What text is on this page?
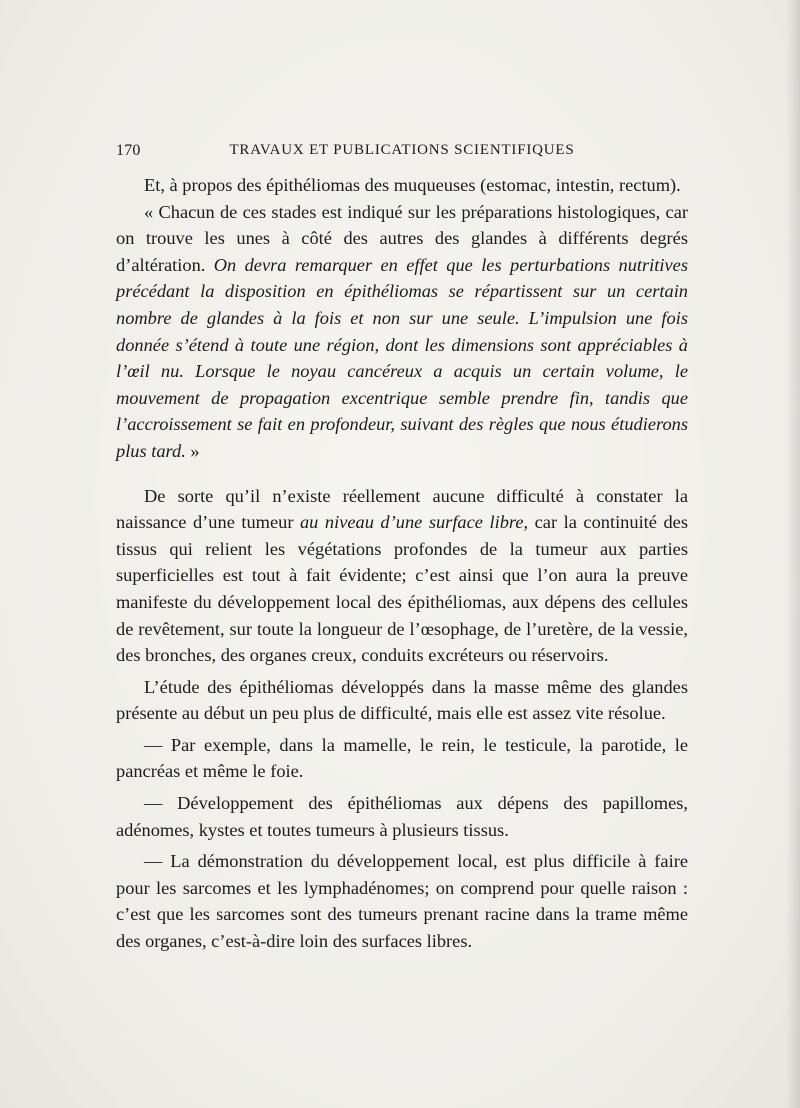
170	TRAVAUX ET PUBLICATIONS SCIENTIFIQUES

Et, à propos des épithéliomas des muqueuses (estomac, intestin, rectum).

« Chacun de ces stades est indiqué sur les préparations histologiques, car on trouve les unes à côté des autres des glandes à différents degrés d’altération. On devra remarquer en effet que les perturbations nutritives précédant la disposition en épithéliomas se répartissent sur un certain nombre de glandes à la fois et non sur une seule. L’impulsion une fois donnée s’étend à toute une région, dont les dimensions sont appréciables à l’œil nu. Lorsque le noyau cancéreux a acquis un certain volume, le mouvement de propagation excentrique semble prendre fin, tandis que l’accroissement se fait en profondeur, suivant des règles que nous étudierons plus tard. »

De sorte qu’il n’existe réellement aucune difficulté à constater la naissance d’une tumeur au niveau d’une surface libre, car la continuité des tissus qui relient les végétations profondes de la tumeur aux parties superficielles est tout à fait évidente; c’est ainsi que l’on aura la preuve manifeste du développement local des épithéliomas, aux dépens des cellules de revêtement, sur toute la longueur de l’œsophage, de l’uretère, de la vessie, des bronches, des organes creux, conduits excréteurs ou réservoirs.

L’étude des épithéliomas développés dans la masse même des glandes présente au début un peu plus de difficulté, mais elle est assez vite résolue.

— Par exemple, dans la mamelle, le rein, le testicule, la parotide, le pancréas et même le foie.

— Développement des épithéliomas aux dépens des papillomes, adénomes, kystes et toutes tumeurs à plusieurs tissus.

— La démonstration du développement local, est plus difficile à faire pour les sarcomes et les lymphadénomes; on comprend pour quelle raison : c’est que les sarcomes sont des tumeurs prenant racine dans la trame même des organes, c’est-à-dire loin des surfaces libres.
